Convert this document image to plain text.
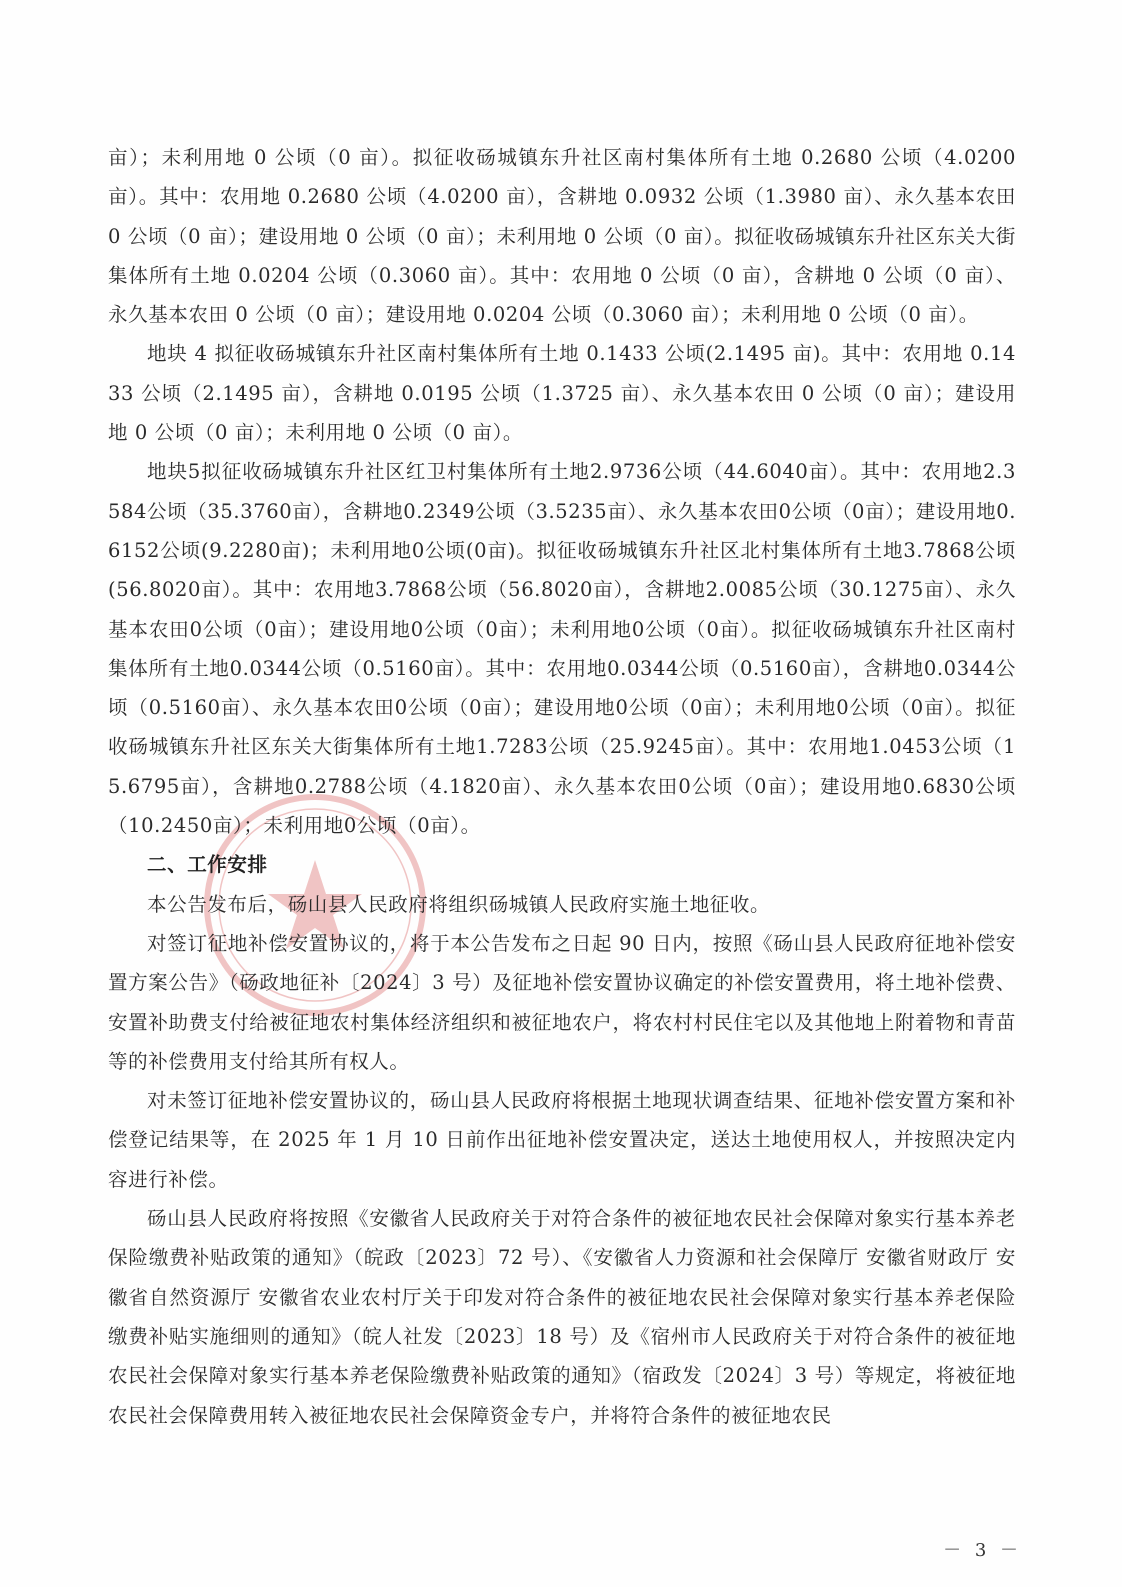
亩）；未利用地 0 公顷（0 亩）。拟征收砀城镇东升社区南村集体所有土地 0.2680 公顷（4.0200 亩）。其中：农用地 0.2680 公顷（4.0200 亩），含耕地 0.0932 公顷（1.3980 亩）、永久基本农田 0 公顷（0 亩）；建设用地 0 公顷（0 亩）；未利用地 0 公顷（0 亩）。拟征收砀城镇东升社区东关大街集体所有土地 0.0204 公顷（0.3060 亩）。其中：农用地 0 公顷（0 亩），含耕地 0 公顷（0 亩）、永久基本农田 0 公顷（0 亩）；建设用地 0.0204 公顷（0.3060 亩）；未利用地 0 公顷（0 亩）。

地块 4 拟征收砀城镇东升社区南村集体所有土地 0.1433 公顷(2.1495 亩)。其中：农用地 0.1433 公顷（2.1495 亩），含耕地 0.0195 公顷（1.3725 亩）、永久基本农田 0 公顷（0 亩）；建设用地 0 公顷（0 亩）；未利用地 0 公顷（0 亩）。

地块5拟征收砀城镇东升社区红卫村集体所有土地2.9736公顷（44.6040亩）。其中：农用地2.3584公顷（35.3760亩），含耕地0.2349公顷（3.5235亩）、永久基本农田0公顷（0亩）；建设用地0.6152公顷(9.2280亩)；未利用地0公顷(0亩)。拟征收砀城镇东升社区北村集体所有土地3.7868公顷(56.8020亩）。其中：农用地3.7868公顷（56.8020亩），含耕地2.0085公顷（30.1275亩）、永久基本农田0公顷（0亩）；建设用地0公顷（0亩）；未利用地0公顷（0亩）。拟征收砀城镇东升社区南村集体所有土地0.0344公顷（0.5160亩）。其中：农用地0.0344公顷（0.5160亩），含耕地0.0344公顷（0.5160亩）、永久基本农田0公顷（0亩）；建设用地0公顷（0亩）；未利用地0公顷（0亩）。拟征收砀城镇东升社区东关大街集体所有土地1.7283公顷（25.9245亩）。其中：农用地1.0453公顷（15.6795亩），含耕地0.2788公顷（4.1820亩）、永久基本农田0公顷（0亩）；建设用地0.6830公顷（10.2450亩）；未利用地0公顷（0亩）。

二、工作安排

本公告发布后，砀山县人民政府将组织砀城镇人民政府实施土地征收。

对签订征地补偿安置协议的，将于本公告发布之日起 90 日内，按照《砀山县人民政府征地补偿安置方案公告》（砀政地征补〔2024〕3 号）及征地补偿安置协议确定的补偿安置费用，将土地补偿费、安置补助费支付给被征地农村集体经济组织和被征地农户，将农村村民住宅以及其他地上附着物和青苗等的补偿费用支付给其所有权人。

对未签订征地补偿安置协议的，砀山县人民政府将根据土地现状调查结果、征地补偿安置方案和补偿登记结果等，在 2025 年 1 月 10 日前作出征地补偿安置决定，送达土地使用权人，并按照决定内容进行补偿。

砀山县人民政府将按照《安徽省人民政府关于对符合条件的被征地农民社会保障对象实行基本养老保险缴费补贴政策的通知》（皖政〔2023〕72 号）、《安徽省人力资源和社会保障厅 安徽省财政厅 安徽省自然资源厅 安徽省农业农村厅关于印发对符合条件的被征地农民社会保障对象实行基本养老保险缴费补贴实施细则的通知》（皖人社发〔2023〕18 号）及《宿州市人民政府关于对符合条件的被征地农民社会保障对象实行基本养老保险缴费补贴政策的通知》（宿政发〔2024〕3 号）等规定，将被征地农民社会保障费用转入被征地农民社会保障资金专户，并将符合条件的被征地农民

－ 3 －
